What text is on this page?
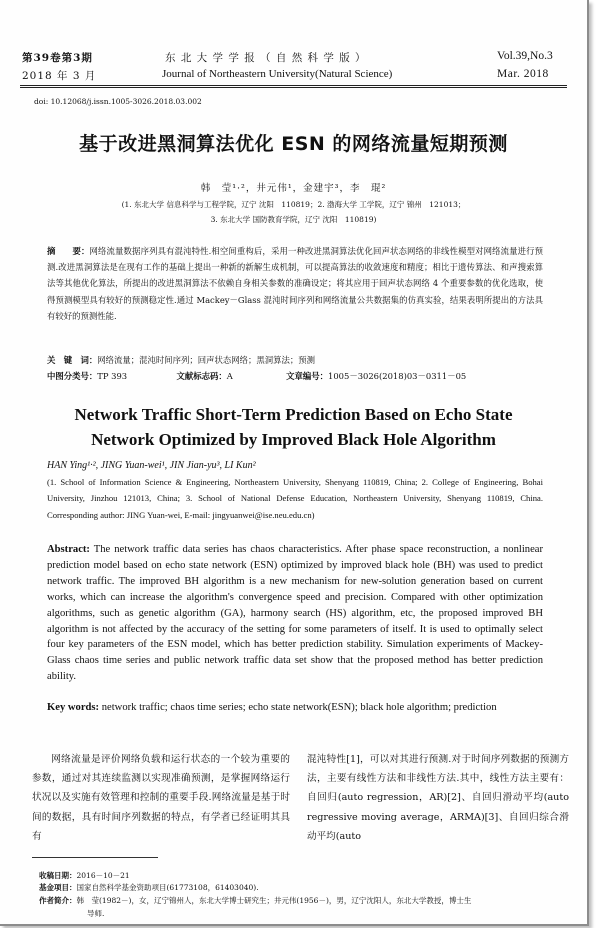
第39卷第3期
2018 年 3 月
东 北 大 学 学 报 （ 自 然 科 学 版 ）
Journal of Northeastern University(Natural Science)
Vol.39,No.3
Mar. 2018
doi: 10.12068/j.issn.1005-3026.2018.03.002
基于改进黑洞算法优化 ESN 的网络流量短期预测
韩　莹¹·²，井元伟¹，金建宇³，李　琨²
(1. 东北大学 信息科学与工程学院，辽宁 沈阳　110819；2. 渤海大学 工学院，辽宁 锦州　121013；
3. 东北大学 国防教育学院，辽宁 沈阳　110819)
摘　　要：网络流量数据序列具有混沌特性.相空间重构后，采用一种改进黑洞算法优化回声状态网络的非线性模型对网络流量进行预测.改进黑洞算法是在现有工作的基础上提出一种新的新解生成机制，可以提高算法的收敛速度和精度；相比于遗传算法、和声搜索算法等其他优化算法，所提出的改进黑洞算法不依赖自身相关参数的准确设定；将其应用于回声状态网络 4 个重要参数的优化选取，使得预测模型具有较好的预测稳定性.通过 Mackey－Glass 混沌时间序列和网络流量公共数据集的仿真实验，结果表明所提出的方法具有较好的预测性能.
关　键　词：网络流量；混沌时间序列；回声状态网络；黑洞算法；预测
中图分类号：TP 393	文献标志码：A	文章编号：1005－3026(2018)03－0311－05
Network Traffic Short-Term Prediction Based on Echo State
Network Optimized by Improved Black Hole Algorithm
HAN Ying¹·², JING Yuan-wei¹, JIN Jian-yu³, LI Kun²
(1. School of Information Science & Engineering, Northeastern University, Shenyang 110819, China; 2. College of Engineering, Bohai University, Jinzhou 121013, China; 3. School of National Defense Education, Northeastern University, Shenyang 110819, China. Corresponding author: JING Yuan-wei, E-mail: jingyuanwei@ise.neu.edu.cn)
Abstract: The network traffic data series has chaos characteristics. After phase space reconstruction, a nonlinear prediction model based on echo state network (ESN) optimized by improved black hole (BH) was used to predict network traffic. The improved BH algorithm is a new mechanism for new-solution generation based on current works, which can increase the algorithm's convergence speed and precision. Compared with other optimization algorithms, such as genetic algorithm (GA), harmony search (HS) algorithm, etc, the proposed improved BH algorithm is not affected by the accuracy of the setting for some parameters of itself. It is used to optimally select four key parameters of the ESN model, which has better prediction stability. Simulation experiments of Mackey-Glass chaos time series and public network traffic data set show that the proposed method has better prediction ability.
Key words: network traffic; chaos time series; echo state network(ESN); black hole algorithm; prediction
网络流量是评价网络负载和运行状态的一个较为重要的参数，通过对其连续监测以实现准确预测，是掌握网络运行状况以及实施有效管理和控制的重要手段.网络流量是基于时间的数据，具有时间序列数据的特点，有学者已经证明其具有
混沌特性[1]，可以对其进行预测.对于时间序列数据的预测方法，主要有线性方法和非线性方法.其中，线性方法主要有：自回归(auto regression，AR)[2]、自回归滑动平均(auto regressive moving average，ARMA)[3]、自回归综合滑动平均(auto
收稿日期：2016－10－21
基金项目：国家自然科学基金资助项目(61773108，61403040).
作者简介：韩　莹(1982－)，女，辽宁锦州人，东北大学博士研究生；井元伟(1956－)，男，辽宁沈阳人，东北大学教授，博士生
导师.
